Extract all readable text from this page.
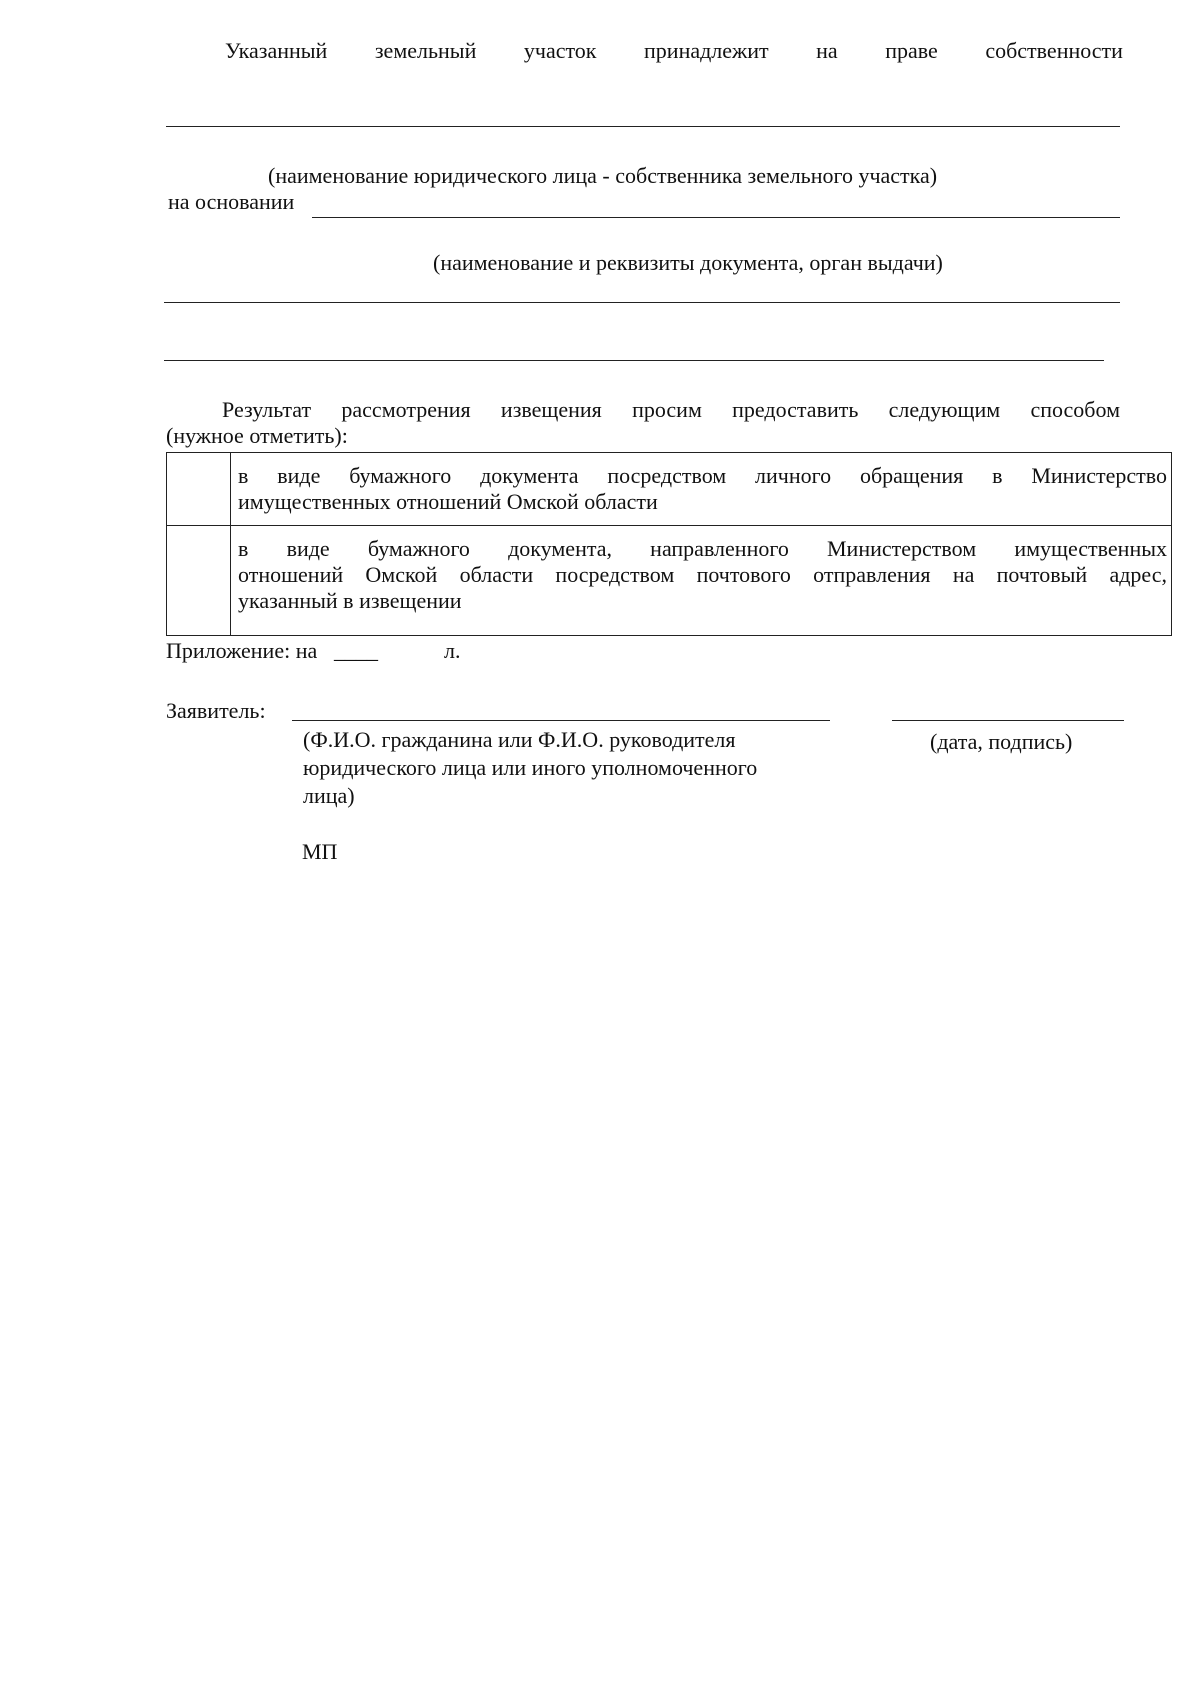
Указанный земельный участок принадлежит на праве собственности
(наименование юридического лица - собственника земельного участка)
на основании
(наименование и реквизиты документа, орган выдачи)
Результат рассмотрения извещения просим предоставить следующим способом
(нужное отметить):

	в виде бумажного документа посредством личного обращения в Министерство
имущественных отношений Омской области

	в виде бумажного документа, направленного Министерством имущественных
отношений Омской области посредством почтового отправления на почтовый адрес,
указанный в извещении
Приложение: на ____	л.
Заявитель:
(Ф.И.О. гражданина или Ф.И.О. руководителя
юридического лица или иного уполномоченного
лица)
(дата, подпись)
МП
